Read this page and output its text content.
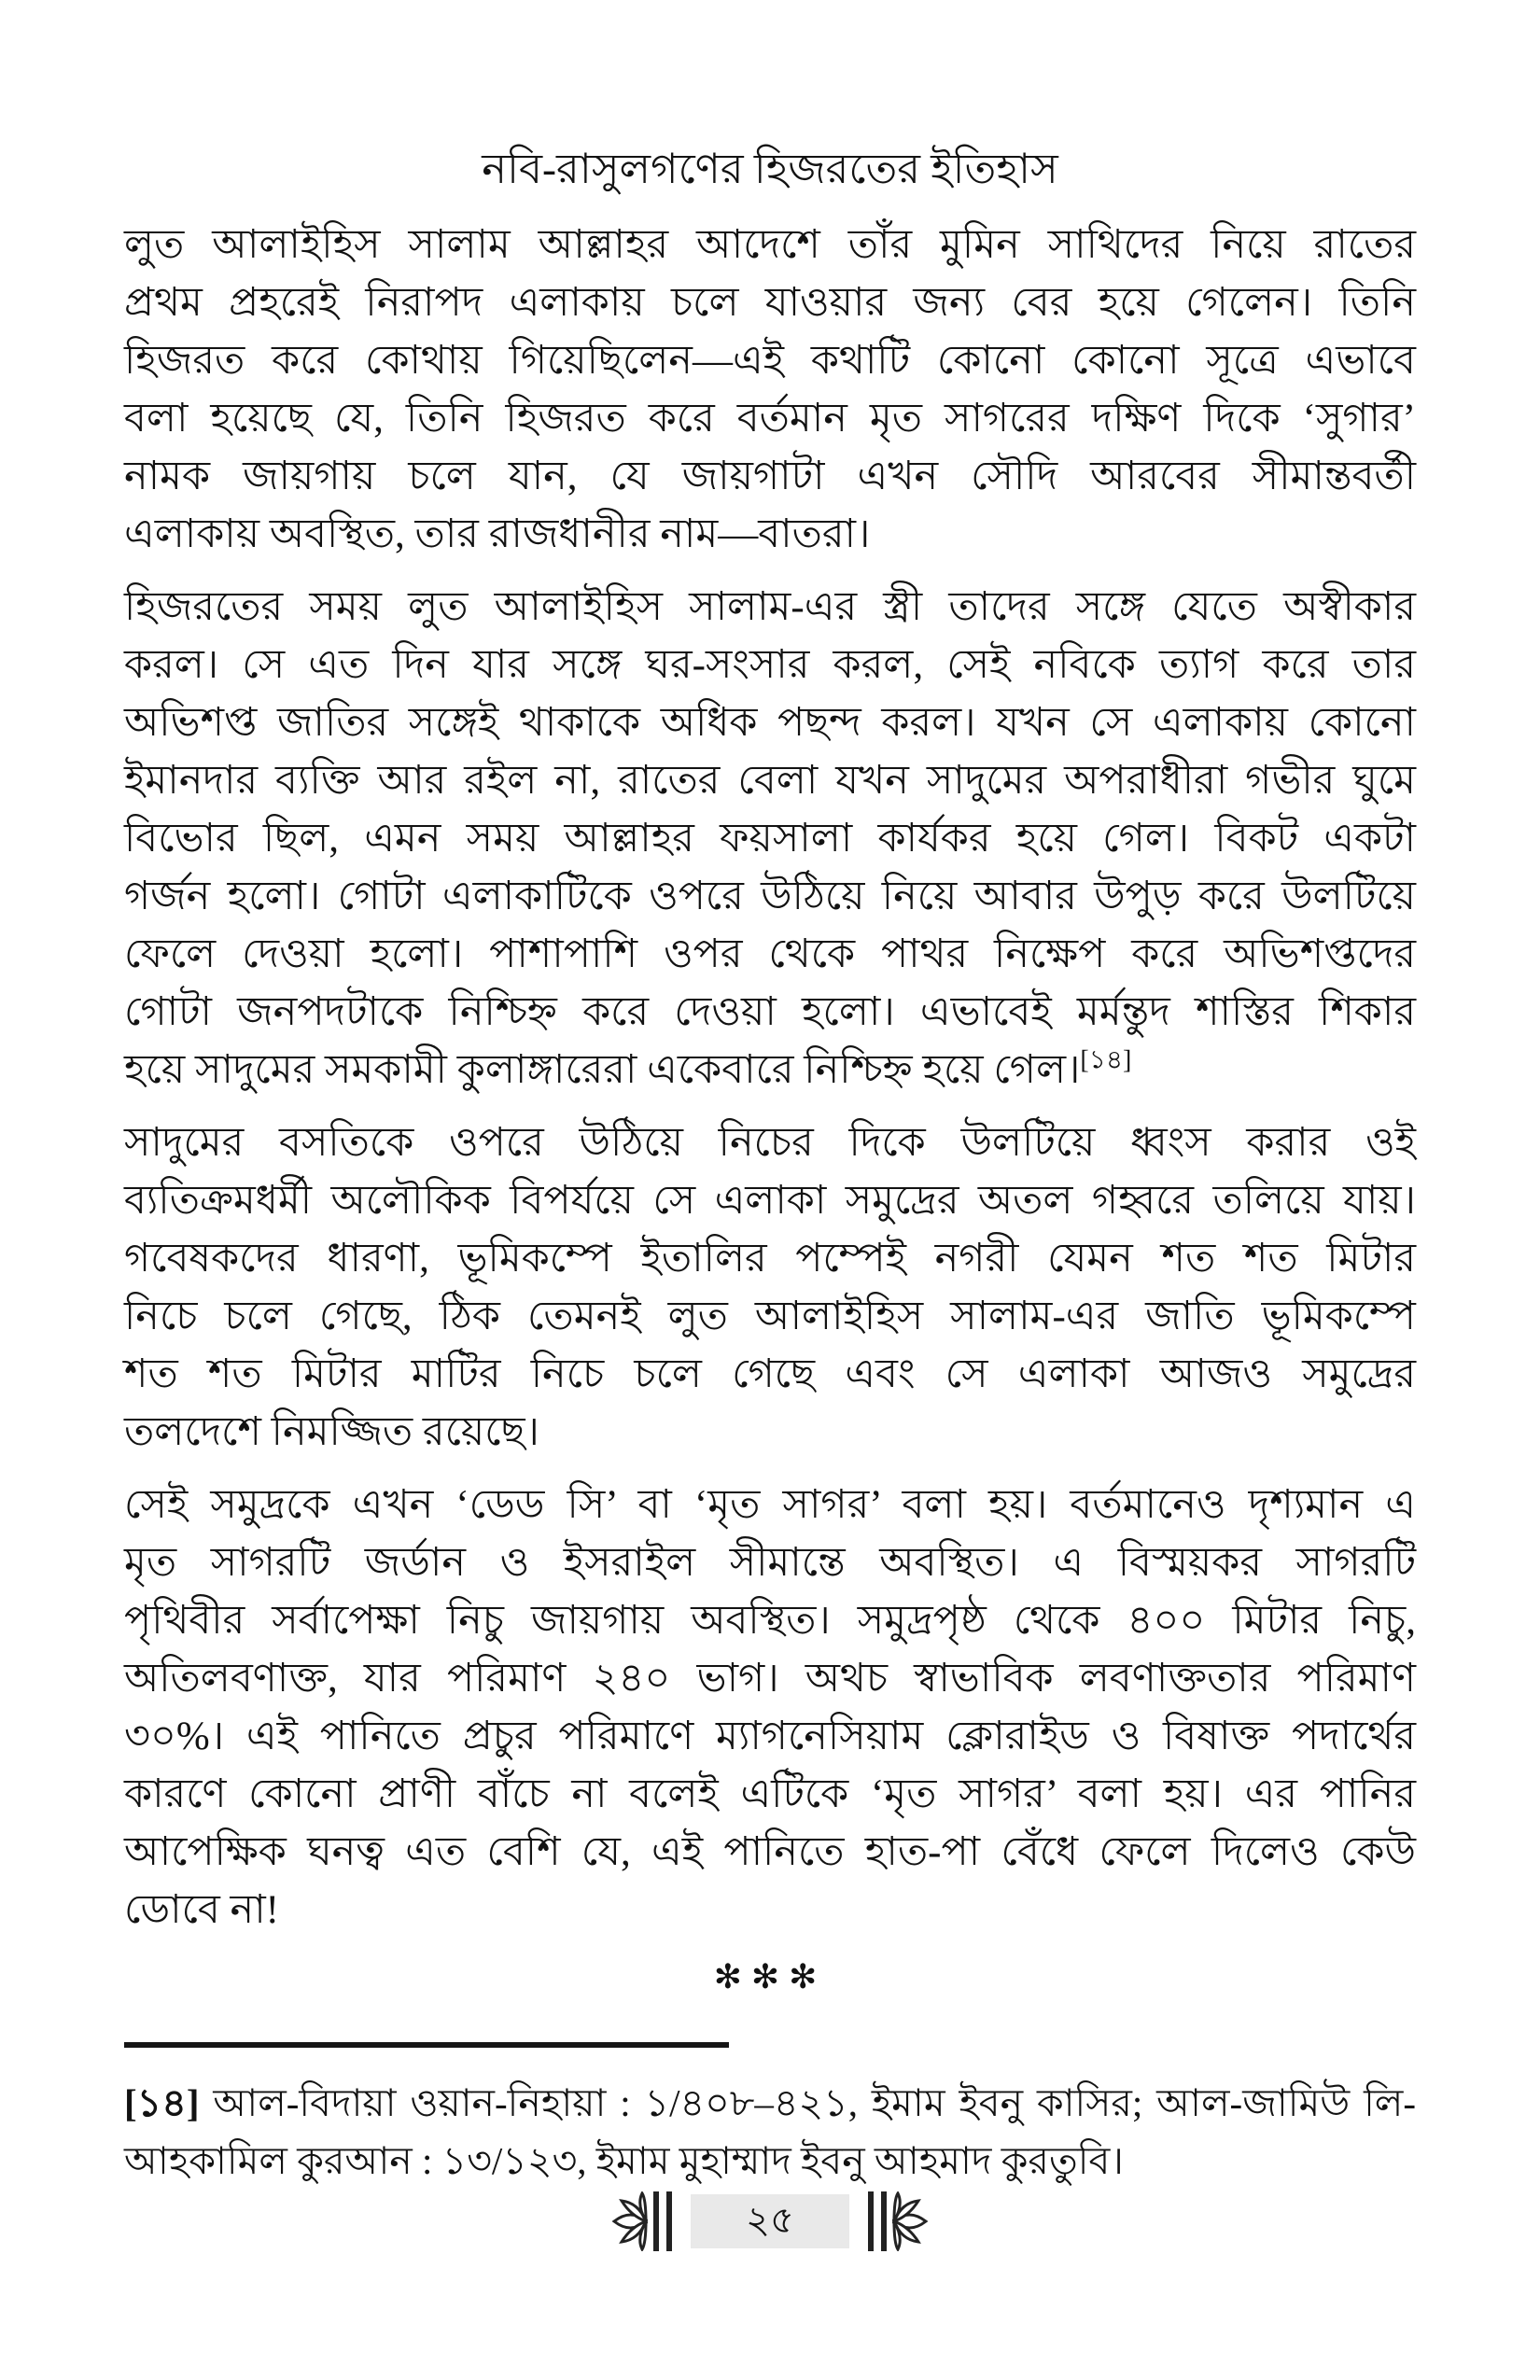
নবি-রাসুলগণের হিজরতের ইতিহাস
লুত আলাইহিস সালাম আল্লাহর আদেশে তাঁর মুমিন সাথিদের নিয়ে রাতের
প্রথম প্রহরেই নিরাপদ এলাকায় চলে যাওয়ার জন্য বের হয়ে গেলেন। তিনি
হিজরত করে কোথায় গিয়েছিলেন—এই কথাটি কোনো কোনো সূত্রে এভাবে
বলা হয়েছে যে, তিনি হিজরত করে বর্তমান মৃত সাগরের দক্ষিণ দিকে ‘সুগার’
নামক জায়গায় চলে যান, যে জায়গাটা এখন সৌদি আরবের সীমান্তবর্তী
এলাকায় অবস্থিত, তার রাজধানীর নাম—বাতরা।
হিজরতের সময় লুত আলাইহিস সালাম-এর স্ত্রী তাদের সঙ্গে যেতে অস্বীকার
করল। সে এত দিন যার সঙ্গে ঘর-সংসার করল, সেই নবিকে ত্যাগ করে তার
অভিশপ্ত জাতির সঙ্গেই থাকাকে অধিক পছন্দ করল। যখন সে এলাকায় কোনো
ইমানদার ব্যক্তি আর রইল না, রাতের বেলা যখন সাদুমের অপরাধীরা গভীর ঘুমে
বিভোর ছিল, এমন সময় আল্লাহর ফয়সালা কার্যকর হয়ে গেল। বিকট একটা
গর্জন হলো। গোটা এলাকাটিকে ওপরে উঠিয়ে নিয়ে আবার উপুড় করে উলটিয়ে
ফেলে দেওয়া হলো। পাশাপাশি ওপর থেকে পাথর নিক্ষেপ করে অভিশপ্তদের
গোটা জনপদটাকে নিশ্চিহ্ন করে দেওয়া হলো। এভাবেই মর্মন্তুদ শাস্তির শিকার
হয়ে সাদুমের সমকামী কুলাঙ্গারেরা একেবারে নিশ্চিহ্ন হয়ে গেল।[১৪]
সাদুমের বসতিকে ওপরে উঠিয়ে নিচের দিকে উলটিয়ে ধ্বংস করার ওই
ব্যতিক্রমধর্মী অলৌকিক বিপর্যয়ে সে এলাকা সমুদ্রের অতল গহ্বরে তলিয়ে যায়।
গবেষকদের ধারণা, ভূমিকম্পে ইতালির পম্পেই নগরী যেমন শত শত মিটার
নিচে চলে গেছে, ঠিক তেমনই লুত আলাইহিস সালাম-এর জাতি ভূমিকম্পে
শত শত মিটার মাটির নিচে চলে গেছে এবং সে এলাকা আজও সমুদ্রের
তলদেশে নিমজ্জিত রয়েছে।
সেই সমুদ্রকে এখন ‘ডেড সি’ বা ‘মৃত সাগর’ বলা হয়। বর্তমানেও দৃশ্যমান এ
মৃত সাগরটি জর্ডান ও ইসরাইল সীমান্তে অবস্থিত। এ বিস্ময়কর সাগরটি
পৃথিবীর সর্বাপেক্ষা নিচু জায়গায় অবস্থিত। সমুদ্রপৃষ্ঠ থেকে ৪০০ মিটার নিচু,
অতিলবণাক্ত, যার পরিমাণ ২৪০ ভাগ। অথচ স্বাভাবিক লবণাক্ততার পরিমাণ
৩০%। এই পানিতে প্রচুর পরিমাণে ম্যাগনেসিয়াম ক্লোরাইড ও বিষাক্ত পদার্থের
কারণে কোনো প্রাণী বাঁচে না বলেই এটিকে ‘মৃত সাগর’ বলা হয়। এর পানির
আপেক্ষিক ঘনত্ব এত বেশি যে, এই পানিতে হাত-পা বেঁধে ফেলে দিলেও কেউ
ডোবে না!
✻✻✻
[১৪] আল-বিদায়া ওয়ান-নিহায়া : ১/৪০৮–৪২১, ইমাম ইবনু কাসির; আল-জামিউ লি-
আহকামিল কুরআন : ১৩/১২৩, ইমাম মুহাম্মাদ ইবনু আহমাদ কুরতুবি।
২৫
